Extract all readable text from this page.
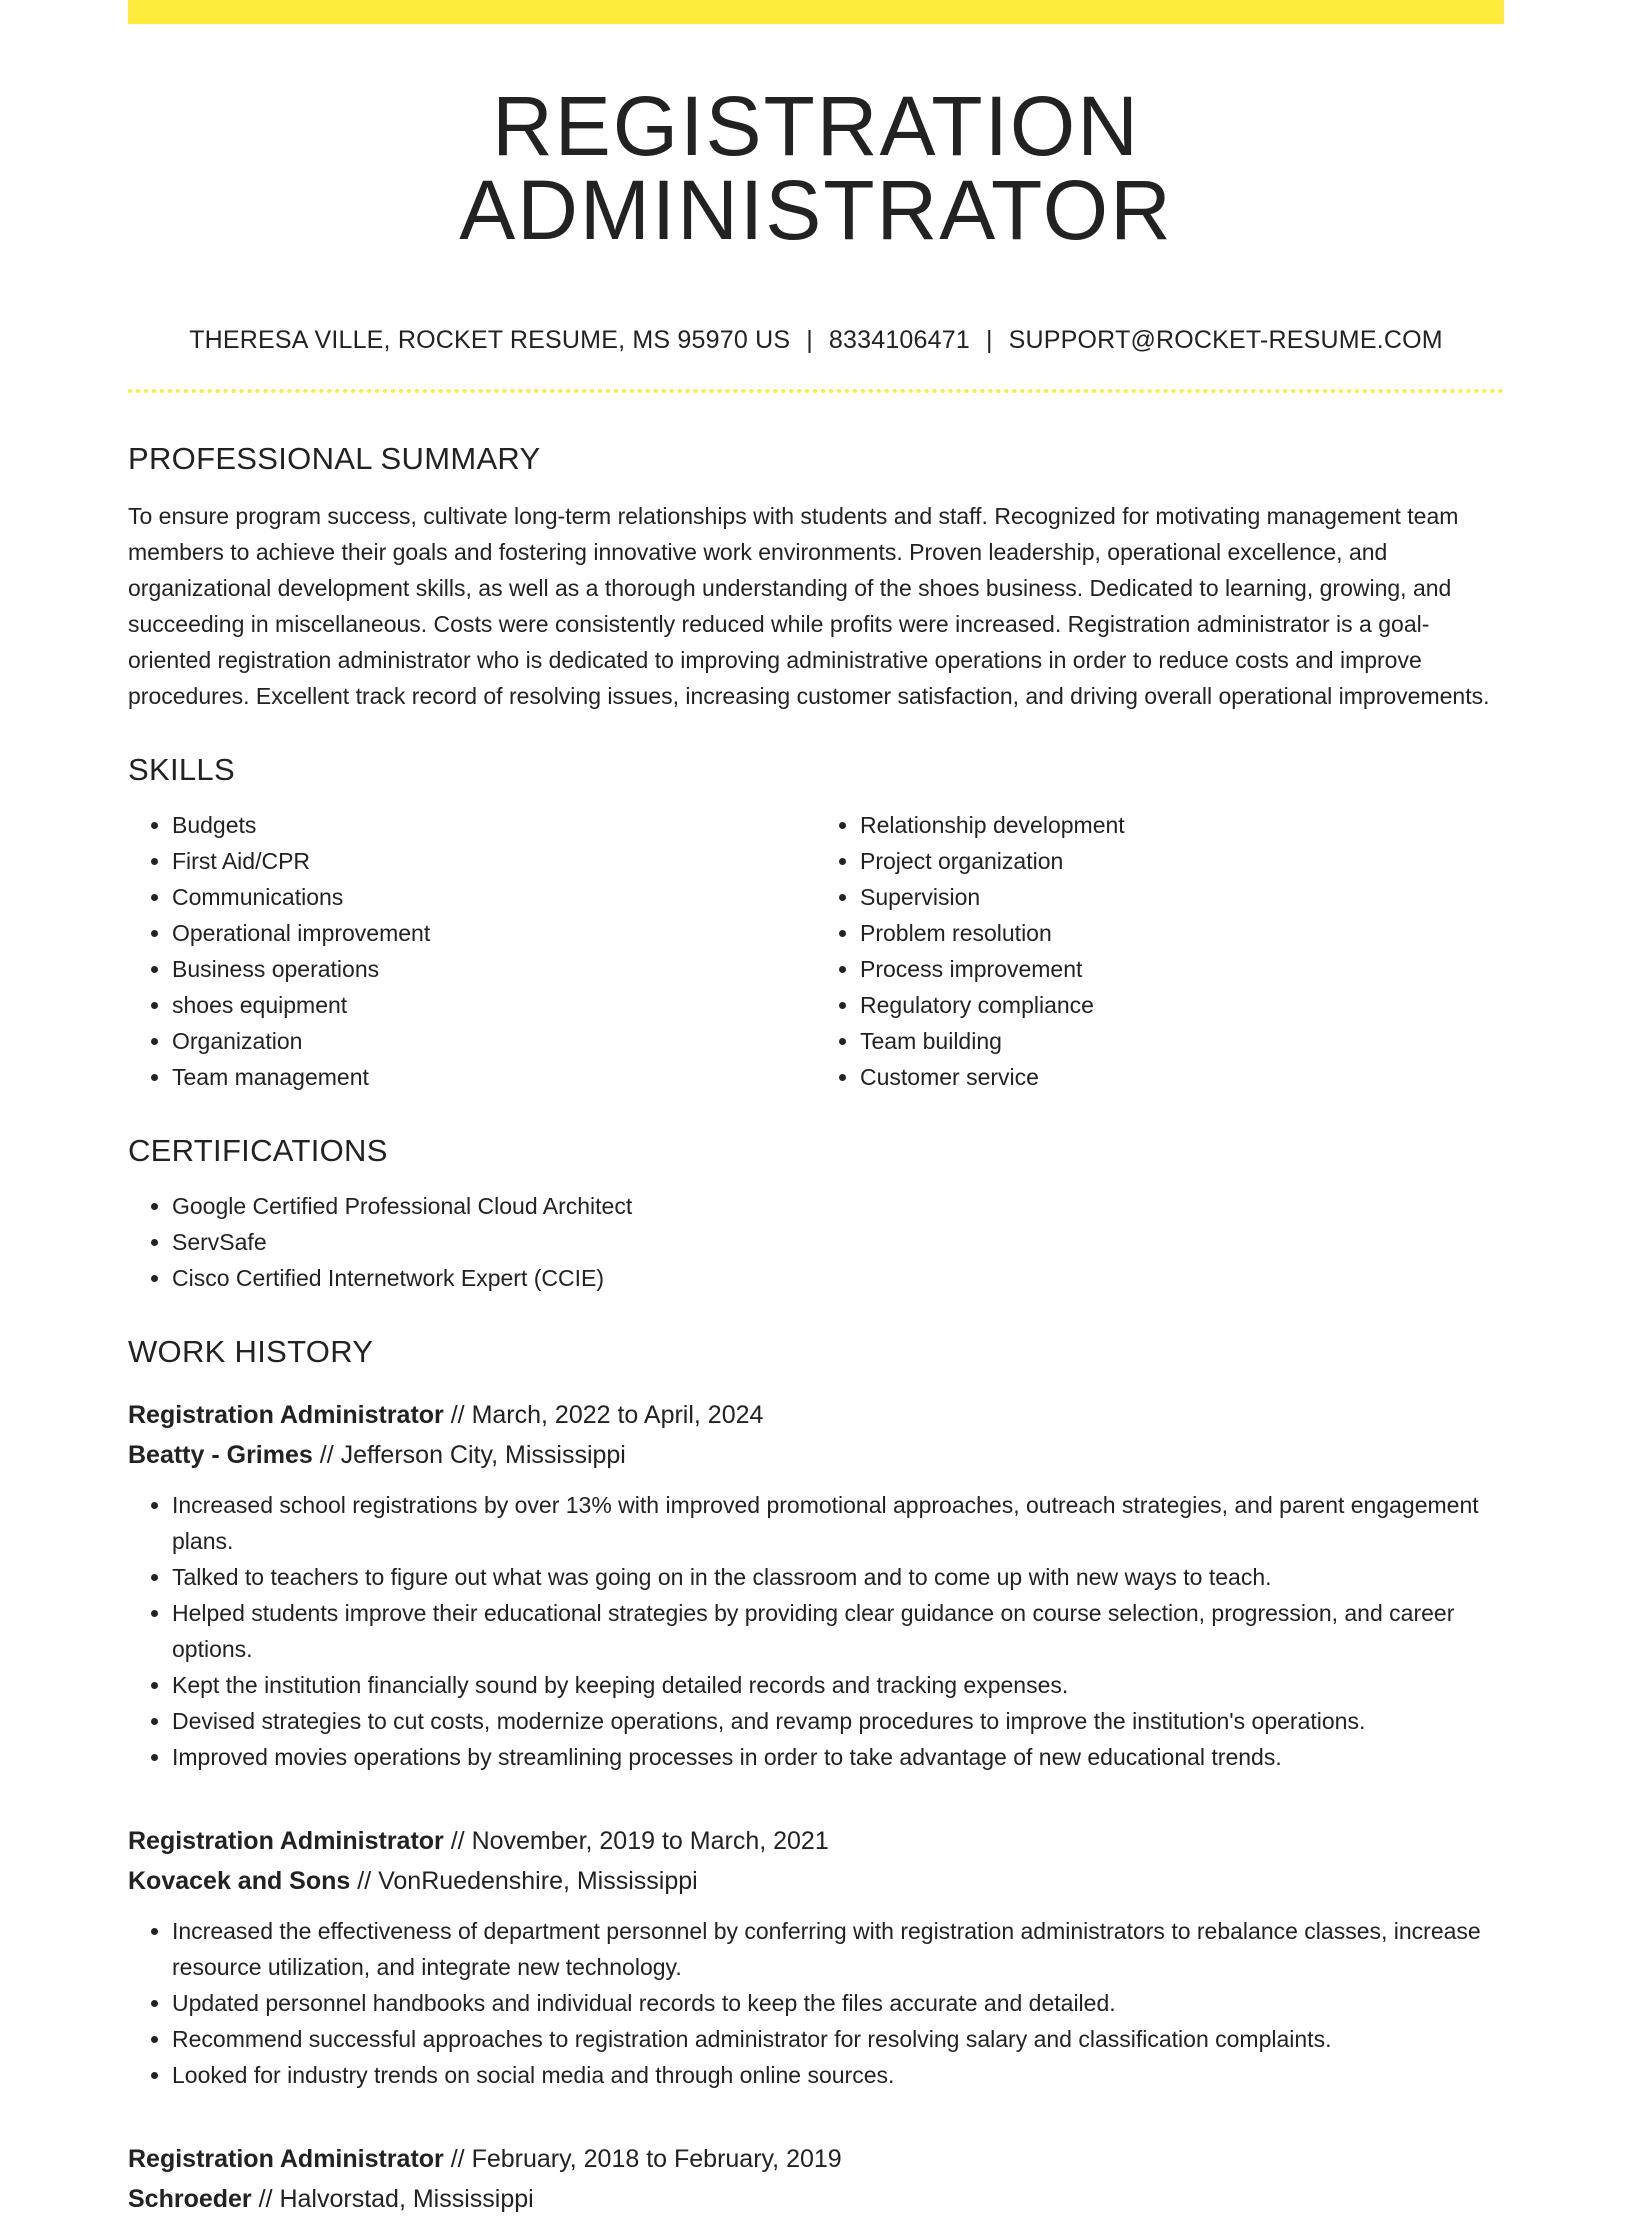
REGISTRATION ADMINISTRATOR
THERESA VILLE, ROCKET RESUME, MS 95970 US | 8334106471 | SUPPORT@ROCKET-RESUME.COM
PROFESSIONAL SUMMARY

To ensure program success, cultivate long-term relationships with students and staff. Recognized for motivating management team members to achieve their goals and fostering innovative work environments. Proven leadership, operational excellence, and organizational development skills, as well as a thorough understanding of the shoes business. Dedicated to learning, growing, and succeeding in miscellaneous. Costs were consistently reduced while profits were increased. Registration administrator is a goal-oriented registration administrator who is dedicated to improving administrative operations in order to reduce costs and improve procedures. Excellent track record of resolving issues, increasing customer satisfaction, and driving overall operational improvements.

SKILLS
• Budgets
• First Aid/CPR
• Communications
• Operational improvement
• Business operations
• shoes equipment
• Organization
• Team management
• Relationship development
• Project organization
• Supervision
• Problem resolution
• Process improvement
• Regulatory compliance
• Team building
• Customer service
CERTIFICATIONS
• Google Certified Professional Cloud Architect
• ServSafe
• Cisco Certified Internetwork Expert (CCIE)
WORK HISTORY
Registration Administrator // March, 2022 to April, 2024
Beatty - Grimes // Jefferson City, Mississippi
• Increased school registrations by over 13% with improved promotional approaches, outreach strategies, and parent engagement plans.
• Talked to teachers to figure out what was going on in the classroom and to come up with new ways to teach.
• Helped students improve their educational strategies by providing clear guidance on course selection, progression, and career options.
• Kept the institution financially sound by keeping detailed records and tracking expenses.
• Devised strategies to cut costs, modernize operations, and revamp procedures to improve the institution's operations.
• Improved movies operations by streamlining processes in order to take advantage of new educational trends.
Registration Administrator // November, 2019 to March, 2021
Kovacek and Sons // VonRuedenshire, Mississippi
• Increased the effectiveness of department personnel by conferring with registration administrators to rebalance classes, increase resource utilization, and integrate new technology.
• Updated personnel handbooks and individual records to keep the files accurate and detailed.
• Recommend successful approaches to registration administrator for resolving salary and classification complaints.
• Looked for industry trends on social media and through online sources.
Registration Administrator // February, 2018 to February, 2019
Schroeder // Halvorstad, Mississippi
